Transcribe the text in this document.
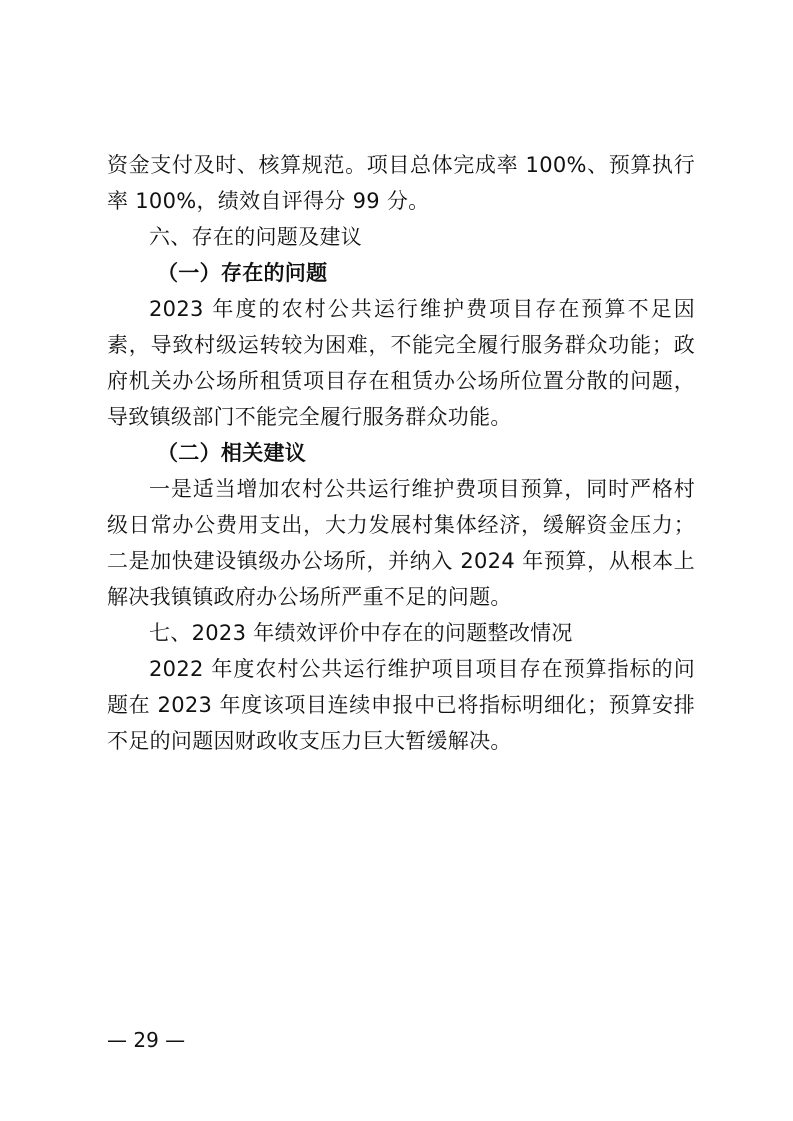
资金支付及时、核算规范。项目总体完成率 100%、预算执行率 100%，绩效自评得分 99 分。

六、存在的问题及建议

（一）存在的问题

2023 年度的农村公共运行维护费项目存在预算不足因素，导致村级运转较为困难，不能完全履行服务群众功能；政府机关办公场所租赁项目存在租赁办公场所位置分散的问题，导致镇级部门不能完全履行服务群众功能。

（二）相关建议

一是适当增加农村公共运行维护费项目预算，同时严格村级日常办公费用支出，大力发展村集体经济，缓解资金压力；二是加快建设镇级办公场所，并纳入 2024 年预算，从根本上解决我镇镇政府办公场所严重不足的问题。

七、2023 年绩效评价中存在的问题整改情况

2022 年度农村公共运行维护项目项目存在预算指标的问题在 2023 年度该项目连续申报中已将指标明细化；预算安排不足的问题因财政收支压力巨大暂缓解决。

— 29 —
